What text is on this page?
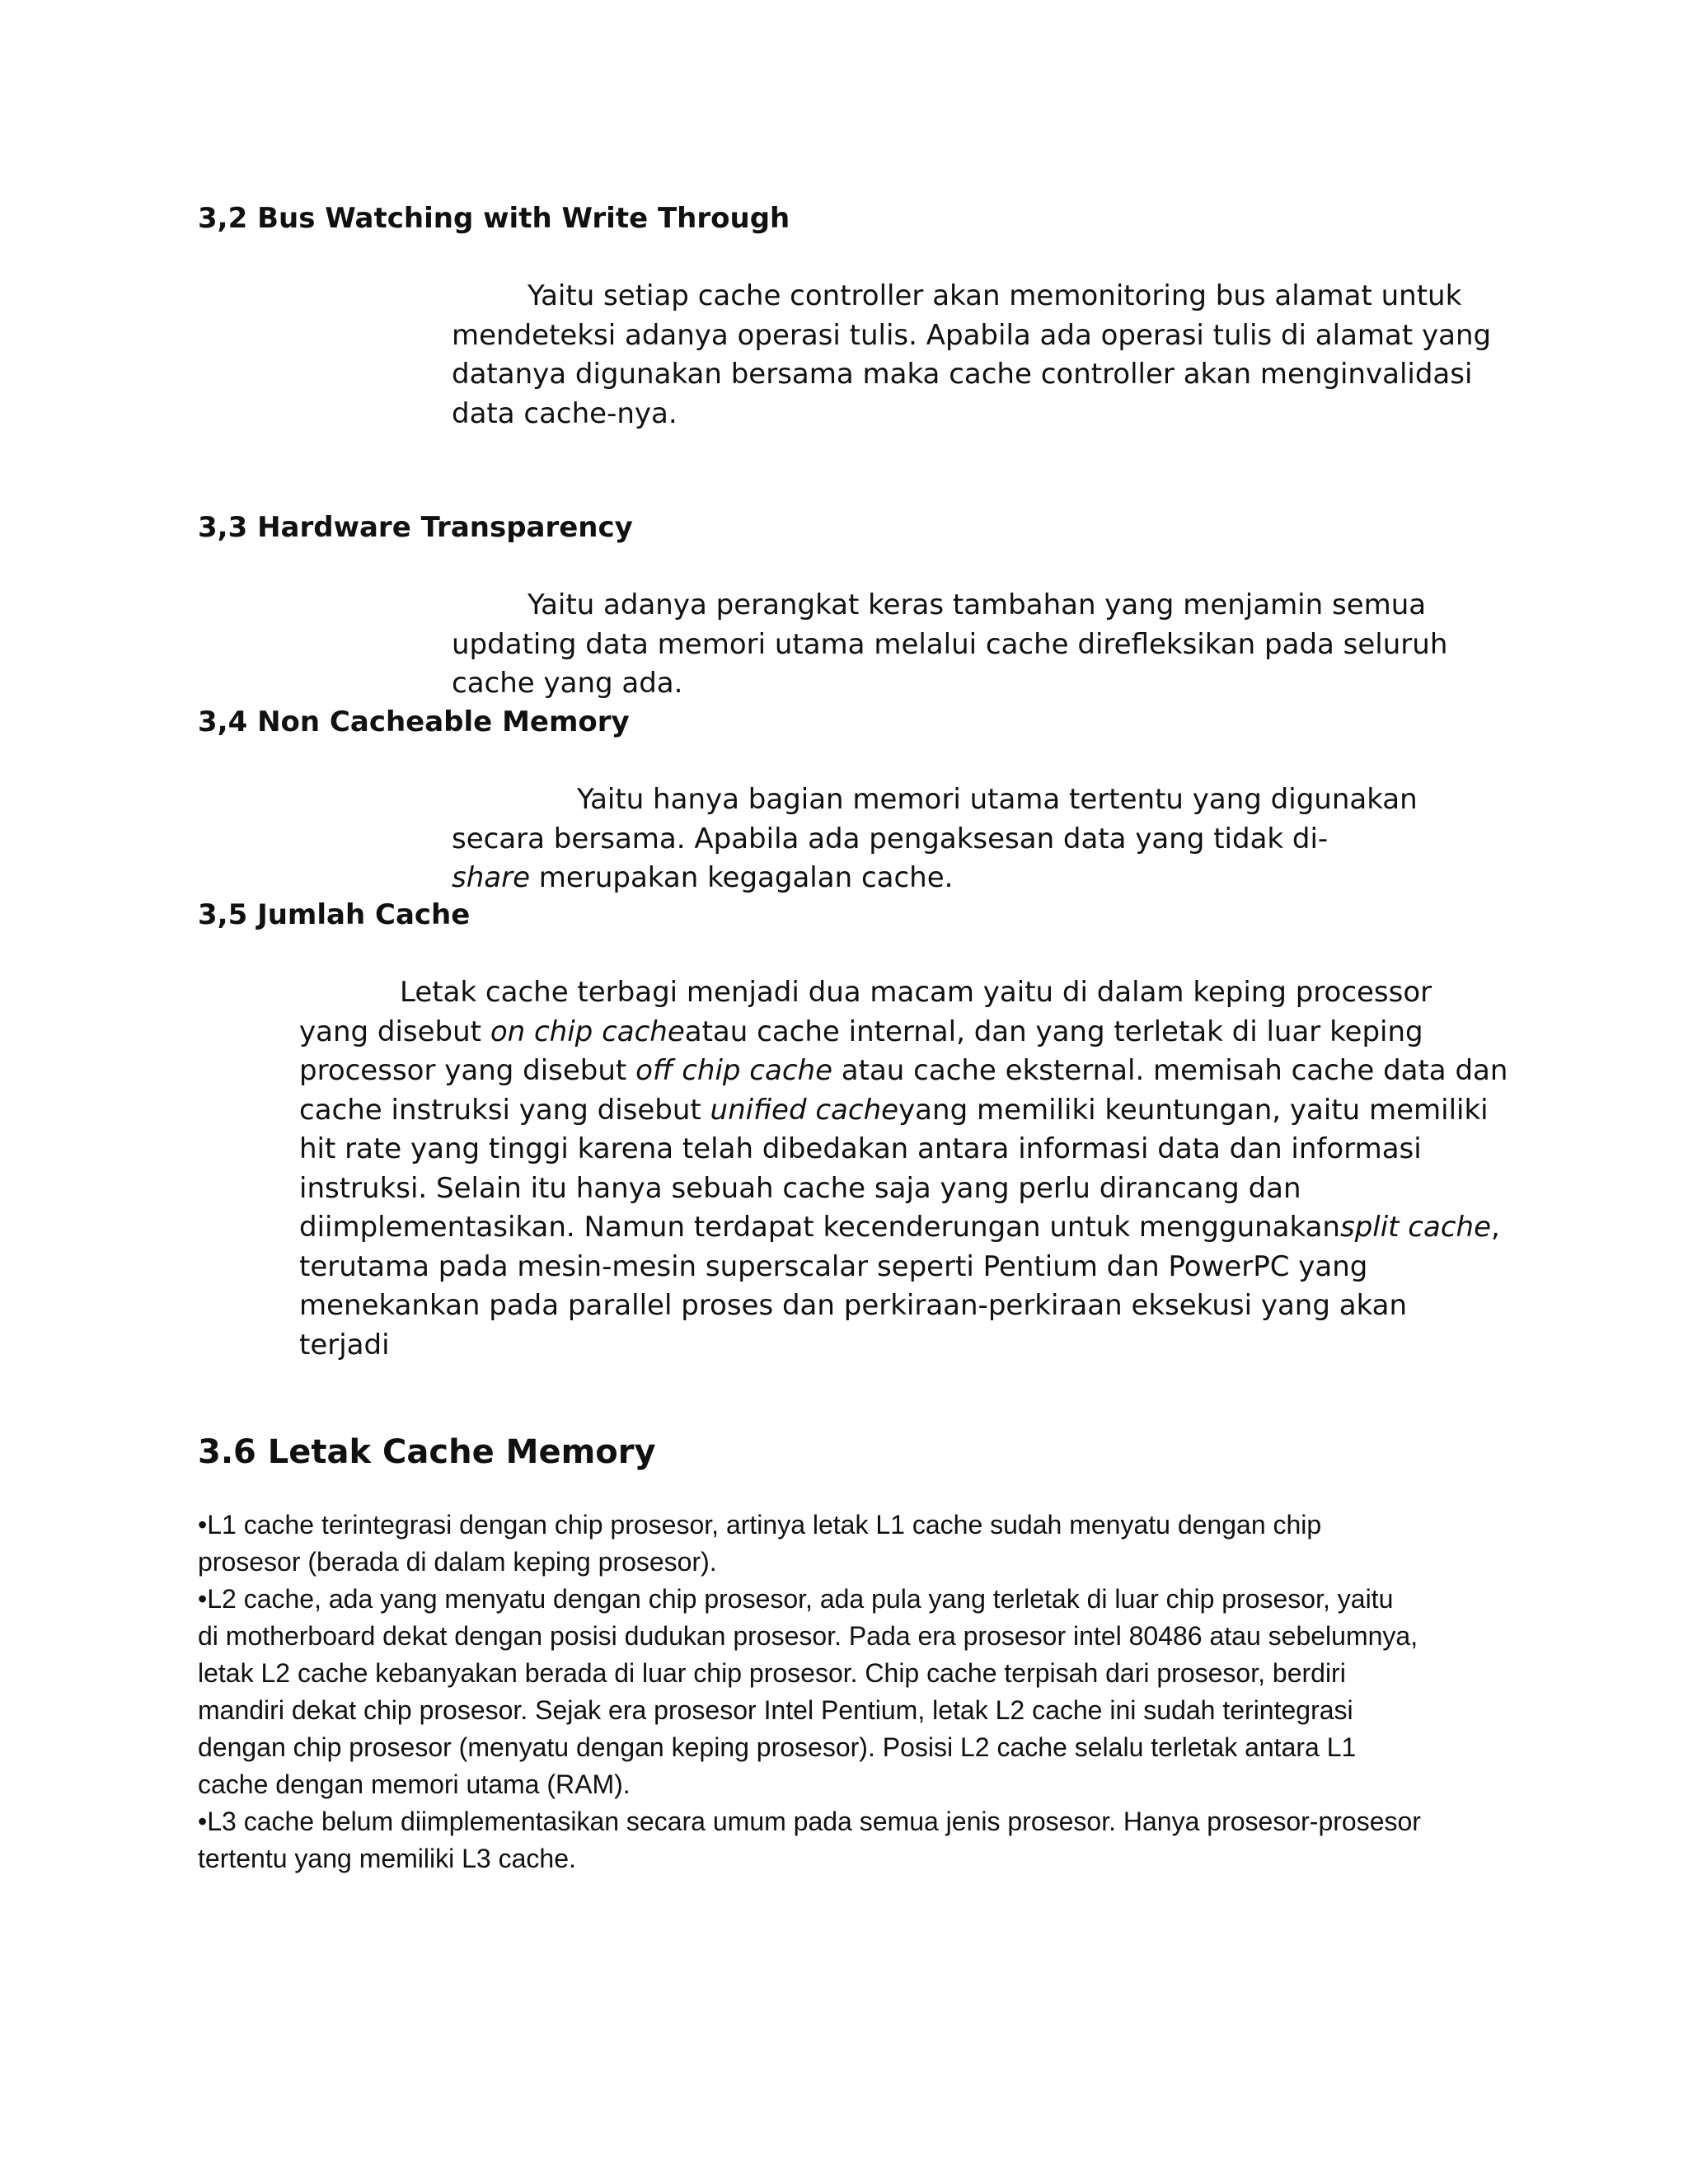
3,2 Bus Watching with Write Through

Yaitu setiap cache controller akan memonitoring bus alamat untuk
mendeteksi adanya operasi tulis. Apabila ada operasi tulis di alamat yang
datanya digunakan bersama maka cache controller akan menginvalidasi
data cache-nya.

3,3 Hardware Transparency

Yaitu adanya perangkat keras tambahan yang menjamin semua
updating data memori utama melalui cache direfleksikan pada seluruh
cache yang ada.

3,4 Non Cacheable Memory

Yaitu hanya bagian memori utama tertentu yang digunakan
secara bersama. Apabila ada pengaksesan data yang tidak di-
share merupakan kegagalan cache.

3,5 Jumlah Cache

Letak cache terbagi menjadi dua macam yaitu di dalam keping processor
yang disebut on chip cacheatau cache internal, dan yang terletak di luar keping
processor yang disebut off chip cache atau cache eksternal. memisah cache data dan
cache instruksi yang disebut unified cacheyang memiliki keuntungan, yaitu memiliki
hit rate yang tinggi karena telah dibedakan antara informasi data dan informasi
instruksi. Selain itu hanya sebuah cache saja yang perlu dirancang dan
diimplementasikan. Namun terdapat kecenderungan untuk menggunakansplit cache,
terutama pada mesin-mesin superscalar seperti Pentium dan PowerPC yang
menekankan pada parallel proses dan perkiraan-perkiraan eksekusi yang akan
terjadi

3.6 Letak Cache Memory

•L1 cache terintegrasi dengan chip prosesor, artinya letak L1 cache sudah menyatu dengan chip
prosesor (berada di dalam keping prosesor).
•L2 cache, ada yang menyatu dengan chip prosesor, ada pula yang terletak di luar chip prosesor, yaitu
di motherboard dekat dengan posisi dudukan prosesor. Pada era prosesor intel 80486 atau sebelumnya,
letak L2 cache kebanyakan berada di luar chip prosesor. Chip cache terpisah dari prosesor, berdiri
mandiri dekat chip prosesor. Sejak era prosesor Intel Pentium, letak L2 cache ini sudah terintegrasi
dengan chip prosesor (menyatu dengan keping prosesor). Posisi L2 cache selalu terletak antara L1
cache dengan memori utama (RAM).
•L3 cache belum diimplementasikan secara umum pada semua jenis prosesor. Hanya prosesor-prosesor
tertentu yang memiliki L3 cache.
